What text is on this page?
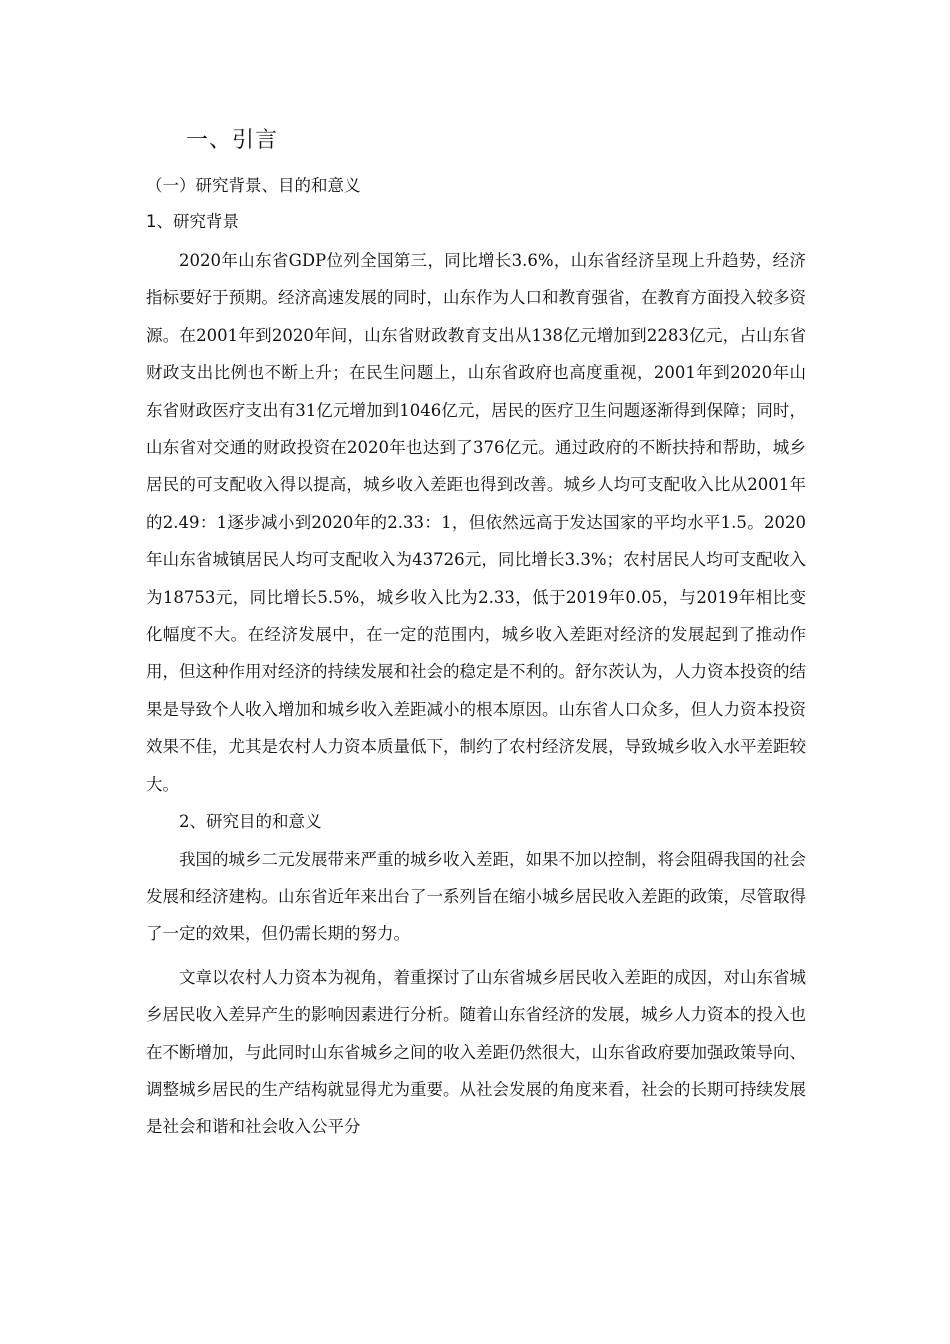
一、引言
（一）研究背景、目的和意义
1、研究背景

2020年山东省GDP位列全国第三，同比增长3.6%，山东省经济呈现上升趋势，经济指标要好于预期。经济高速发展的同时，山东作为人口和教育强省，在教育方面投入较多资源。在2001年到2020年间，山东省财政教育支出从138亿元增加到2283亿元，占山东省财政支出比例也不断上升；在民生问题上，山东省政府也高度重视，2001年到2020年山东省财政医疗支出有31亿元增加到1046亿元，居民的医疗卫生问题逐渐得到保障；同时，山东省对交通的财政投资在2020年也达到了376亿元。通过政府的不断扶持和帮助，城乡居民的可支配收入得以提高，城乡收入差距也得到改善。城乡人均可支配收入比从2001年的2.49：1逐步减小到2020年的2.33：1，但依然远高于发达国家的平均水平1.5。2020年山东省城镇居民人均可支配收入为43726元，同比增长3.3%；农村居民人均可支配收入为18753元，同比增长5.5%，城乡收入比为2.33，低于2019年0.05，与2019年相比变化幅度不大。在经济发展中，在一定的范围内，城乡收入差距对经济的发展起到了推动作用，但这种作用对经济的持续发展和社会的稳定是不利的。舒尔茨认为，人力资本投资的结果是导致个人收入增加和城乡收入差距减小的根本原因。山东省人口众多，但人力资本投资效果不佳，尤其是农村人力资本质量低下，制约了农村经济发展，导致城乡收入水平差距较大。

2、研究目的和意义

我国的城乡二元发展带来严重的城乡收入差距，如果不加以控制，将会阻碍我国的社会发展和经济建构。山东省近年来出台了一系列旨在缩小城乡居民收入差距的政策，尽管取得了一定的效果，但仍需长期的努力。

文章以农村人力资本为视角，着重探讨了山东省城乡居民收入差距的成因，对山东省城乡居民收入差异产生的影响因素进行分析。随着山东省经济的发展，城乡人力资本的投入也在不断增加，与此同时山东省城乡之间的收入差距仍然很大，山东省政府要加强政策导向、调整城乡居民的生产结构就显得尤为重要。从社会发展的角度来看，社会的长期可持续发展是社会和谐和社会收入公平分
